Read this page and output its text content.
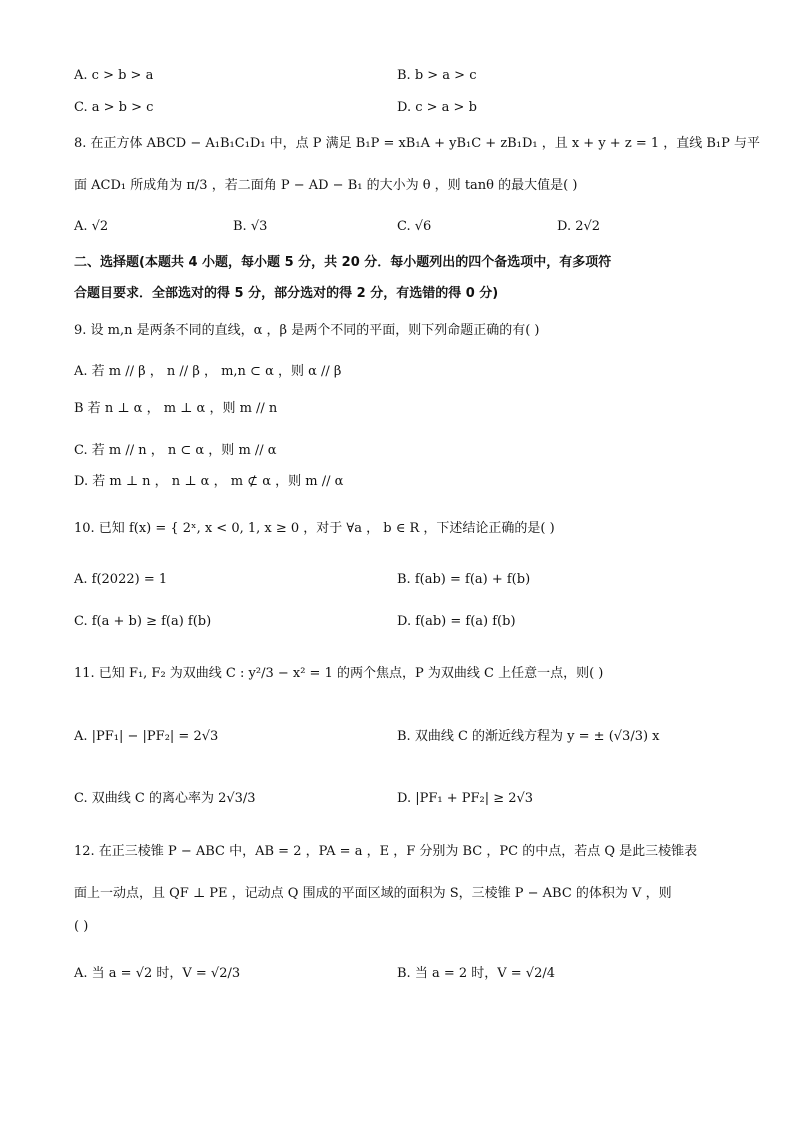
A. c > b > a	B. b > a > c
C. a > b > c	D. c > a > b
8. 在正方体 ABCD − A₁B₁C₁D₁ 中，点 P 满足 B₁P = xB₁A + yB₁C + zB₁D₁ ，且 x + y + z = 1 ，直线 B₁P 与平
面 ACD₁ 所成角为 π/3 ，若二面角 P − AD − B₁ 的大小为 θ ，则 tanθ 的最大值是( )
A. √2	B. √3	C. √6	D. 2√2
二、选择题(本题共 4 小题，每小题 5 分，共 20 分．每小题列出的四个备选项中，有多项符
合题目要求．全部选对的得 5 分，部分选对的得 2 分，有选错的得 0 分)
9. 设 m,n 是两条不同的直线，α ，β 是两个不同的平面，则下列命题正确的有( )
A. 若 m // β ， n // β ， m,n ⊂ α ，则 α // β
B 若 n ⊥ α ， m ⊥ α ，则 m // n
C. 若 m // n ， n ⊂ α ，则 m // α
D. 若 m ⊥ n ， n ⊥ α ， m ⊄ α ，则 m // α
10. 已知 f(x) = { 2ˣ, x < 0, 1, x ≥ 0 ，对于 ∀a ， b ∈ R ，下述结论正确的是( )
A. f(2022) = 1	B. f(ab) = f(a) + f(b)
C. f(a + b) ≥ f(a) f(b)	D. f(ab) = f(a) f(b)
11. 已知 F₁, F₂ 为双曲线 C : y²/3 − x² = 1 的两个焦点，P 为双曲线 C 上任意一点，则( )
A. |PF₁| − |PF₂| = 2√3	B. 双曲线 C 的渐近线方程为 y = ± (√3/3) x
C. 双曲线 C 的离心率为 2√3/3	D. |PF₁ + PF₂| ≥ 2√3
12. 在正三棱锥 P − ABC 中，AB = 2 ，PA = a ，E ，F 分别为 BC ，PC 的中点，若点 Q 是此三棱锥表
面上一动点，且 QF ⊥ PE ，记动点 Q 围成的平面区域的面积为 S，三棱锥 P − ABC 的体积为 V ，则
( )
A. 当 a = √2 时，V = √2/3	B. 当 a = 2 时，V = √2/4
